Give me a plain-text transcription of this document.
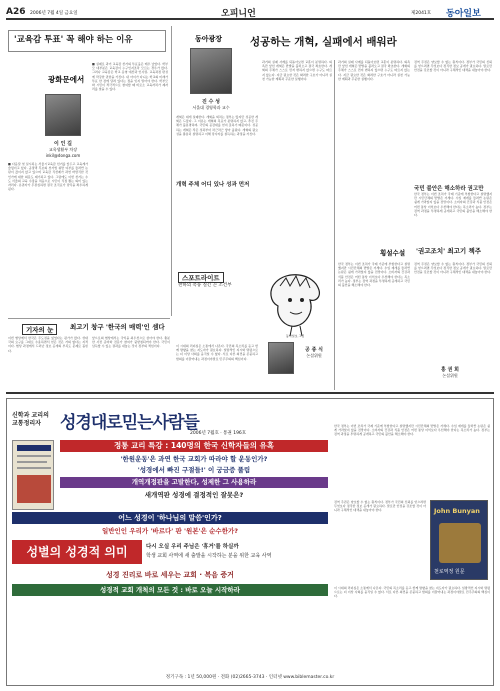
A26 2006년 7월 4일 금요일	오피니언	제2041호 동아일보
'교육감 투표' 꼭 해야 하는 이유
광화문에서
이 인 길
교육생활부 차장
inkil@donga.com
■ 다음달 첫 실시되는 서울시교육감 선거를 앞두고 교육계가 술렁이고 있다. 공정택 후보의 선거법 위반 여부를 둘러싼 논란이 끊이지 않고 있으며 교육감 직선제가 과연 바람직한 것인가에 대한 의문도 제기되고 있다. 그럼에도 이번 선거는 수도 서울의 교육 수장을 처음으로 시민이 직접 뽑는 의미 있는 자리다. 유권자가 무관심하면 결국 조직표가 당락을 좌우하게 된다.
■ 실제로 과거 교육감 선거의 투표율은 매우 낮았다. 학부모 대부분은 교육감이 누구인지조차 모르는 경우가 많다. 그러나 교육감은 학교 운영 예산과 인사권, 교육과정 편성에 막강한 권한을 가진다. 내 아이가 다니는 학교의 미래가 투표 한 장에 달려 있다는 점을 잊지 말아야 한다. 학부모와 시민이 적극적으로 참여할 때 비로소 교육자치가 제자리를 찾을 수 있다.
동아광장
진 수 성
서울대 경영학과 교수
성공하는 개혁, 실패에서 배워라
개혁은 대개 실패한다. 개혁을 외치는 정부는 많지만 성공한 개혁은 드물다. 그 이유는 개혁의 목표가 분명하지 않고, 추진 주체가 불분명하며, 국민의 공감대를 얻지 못하기 때문이다. 성공하는 개혁은 작은 성과부터 차근차근 쌓아 올린다. 개혁의 필요성을 충분히 설명하고 이해 당사자를 설득하는 과정을 거친다.
과거의 실패 사례를 되돌아보면 교훈이 분명하다. 의욕만 앞선 개혁은 반발을 불러오고 결국 좌초한다. 개혁의 주체가 스스로 먼저 변하지 않으면 누구도 따르지 않는다. 지금 필요한 것은 화려한 구호가 아니라 실천 가능한 계획과 꾸준한 실행이다.
개혁 주체 어디 있나 성과 먼저
스포트라이트
천하의 폭풍 질긴 끈 조건부
동아일보 그림
이 시대의 리더십은 소통에서 나온다. 국민의 목소리를 듣고 함께 방향을 찾는 지도자가 필요하다. 일방적인 지시와 명령으로는 더 이상 사회를 움직일 수 없다. 서로 다른 의견을 존중하고 합의를 이끌어내는 과정이야말로 민주주의의 핵심이다.
공 종 식
논설위원
과거의 실패 사례를 되돌아보면 교훈이 분명하다. 의욕만 앞선 개혁은 반발을 불러오고 결국 좌초한다. 개혁의 주체가 스스로 먼저 변하지 않으면 누구도 따르지 않는다. 지금 필요한 것은 화려한 구호가 아니라 실천 가능한 계획과 꾸준한 실행이다.
검역 주권은 양보할 수 없는 원칙이다. 정부가 국민의 신뢰를 얻으려면 무엇보다 정직한 정보 공개가 필요하다. 말로만 안전을 강조할 것이 아니라 구체적인 대책을 내놓아야 한다.
국민 불안은 해소하라 권고만
한국 정부는 이번 조치가 국제 기준에 부합한다고 설명했지만 시민단체의 반발은 거세다. 수입 재개를 둘러싼 논란은 쉽게 가라앉지 않을 전망이다. 소비자의 건강과 식품 안전은 어떤 통상 이익보다 우선해야 한다는 목소리가 높다. 정부는 검역 과정을 투명하게 공개하고 국민의 불안을 해소해야 한다.
횡설수설 '권고조치' 최고기 책주
한국 정부는 이번 조치가 국제 기준에 부합한다고 설명했지만 시민단체의 반발은 거세다. 수입 재개를 둘러싼 논란은 쉽게 가라앉지 않을 전망이다. 소비자의 건강과 식품 안전은 어떤 통상 이익보다 우선해야 한다는 목소리가 높다. 정부는 검역 과정을 투명하게 공개하고 국민의 불안을 해소해야 한다.
검역 주권은 양보할 수 없는 원칙이다. 정부가 국민의 신뢰를 얻으려면 무엇보다 정직한 정보 공개가 필요하다. 말로만 안전을 강조할 것이 아니라 구체적인 대책을 내놓아야 한다.
홍 권 희
논설위원
기자의 눈	최고기 창구 '한국의 매력'인 셈다
이번 협상에서 한국은 주도권을 잃었다는 평가가 많다. 상대국의 요구를 그대로 수용하면서 얻은 것은 거의 없다는 지적이다. 협상 과정에서 드러난 정보 공개의 부족도 문제로 꼽힌다.
앞으로의 협상에서는 국익을 최우선으로 삼아야 한다. 충분한 사전 준비와 전문가 참여가 뒷받침되어야 한다. 국민이 납득할 수 있는 결과를 내놓는 것이 정부의 책임이다.
신학과 교리의
교통정리자 성경대로믿는사람들
2006년 7월호 · 통권 196호
정통 교리 특강 : 140명의 한국 신학자들의 유혹
'한원운동'은 과연 한국 교회가 따라야 할 운동인가?
'성경에서 빠진 구절들!' 이 궁금증 풀림
개역개정판을 고발한다, 성제한 그 사용하라
새개역판 성경에 결정적인 잘못은?
어느 성경이 '하나님의 말씀'인가?
일반인인 우리가 '바르다' 판 '원본'은 순수한가?
성별의 성경적 의미	다시 오실 우리 주님은 '휴거'를 하실까
학생 교회 사역에 새 출발을 시작하는 분을 위한 교육 사역
성경 진리로 바로 세우는 교회 · 복음 증거
성경적 교회 개척의 모든 것 : 바로 오늘 시작하라
한국 정부는 이번 조치가 국제 기준에 부합한다고 설명했지만 시민단체의 반발은 거세다. 수입 재개를 둘러싼 논란은 쉽게 가라앉지 않을 전망이다. 소비자의 건강과 식품 안전은 어떤 통상 이익보다 우선해야 한다는 목소리가 높다. 정부는 검역 과정을 투명하게 공개하고 국민의 불안을 해소해야 한다.
John Bunyan
천로역정 원문
검역 주권은 양보할 수 없는 원칙이다. 정부가 국민의 신뢰를 얻으려면 무엇보다 정직한 정보 공개가 필요하다. 말로만 안전을 강조할 것이 아니라 구체적인 대책을 내놓아야 한다.
이 시대의 리더십은 소통에서 나온다. 국민의 목소리를 듣고 함께 방향을 찾는 지도자가 필요하다. 일방적인 지시와 명령으로는 더 이상 사회를 움직일 수 없다. 서로 다른 의견을 존중하고 합의를 이끌어내는 과정이야말로 민주주의의 핵심이다.
정기구독 : 1년 50,000원 · 전화 (02)2665-3743 · 인터넷 www.biblemaster.co.kr
